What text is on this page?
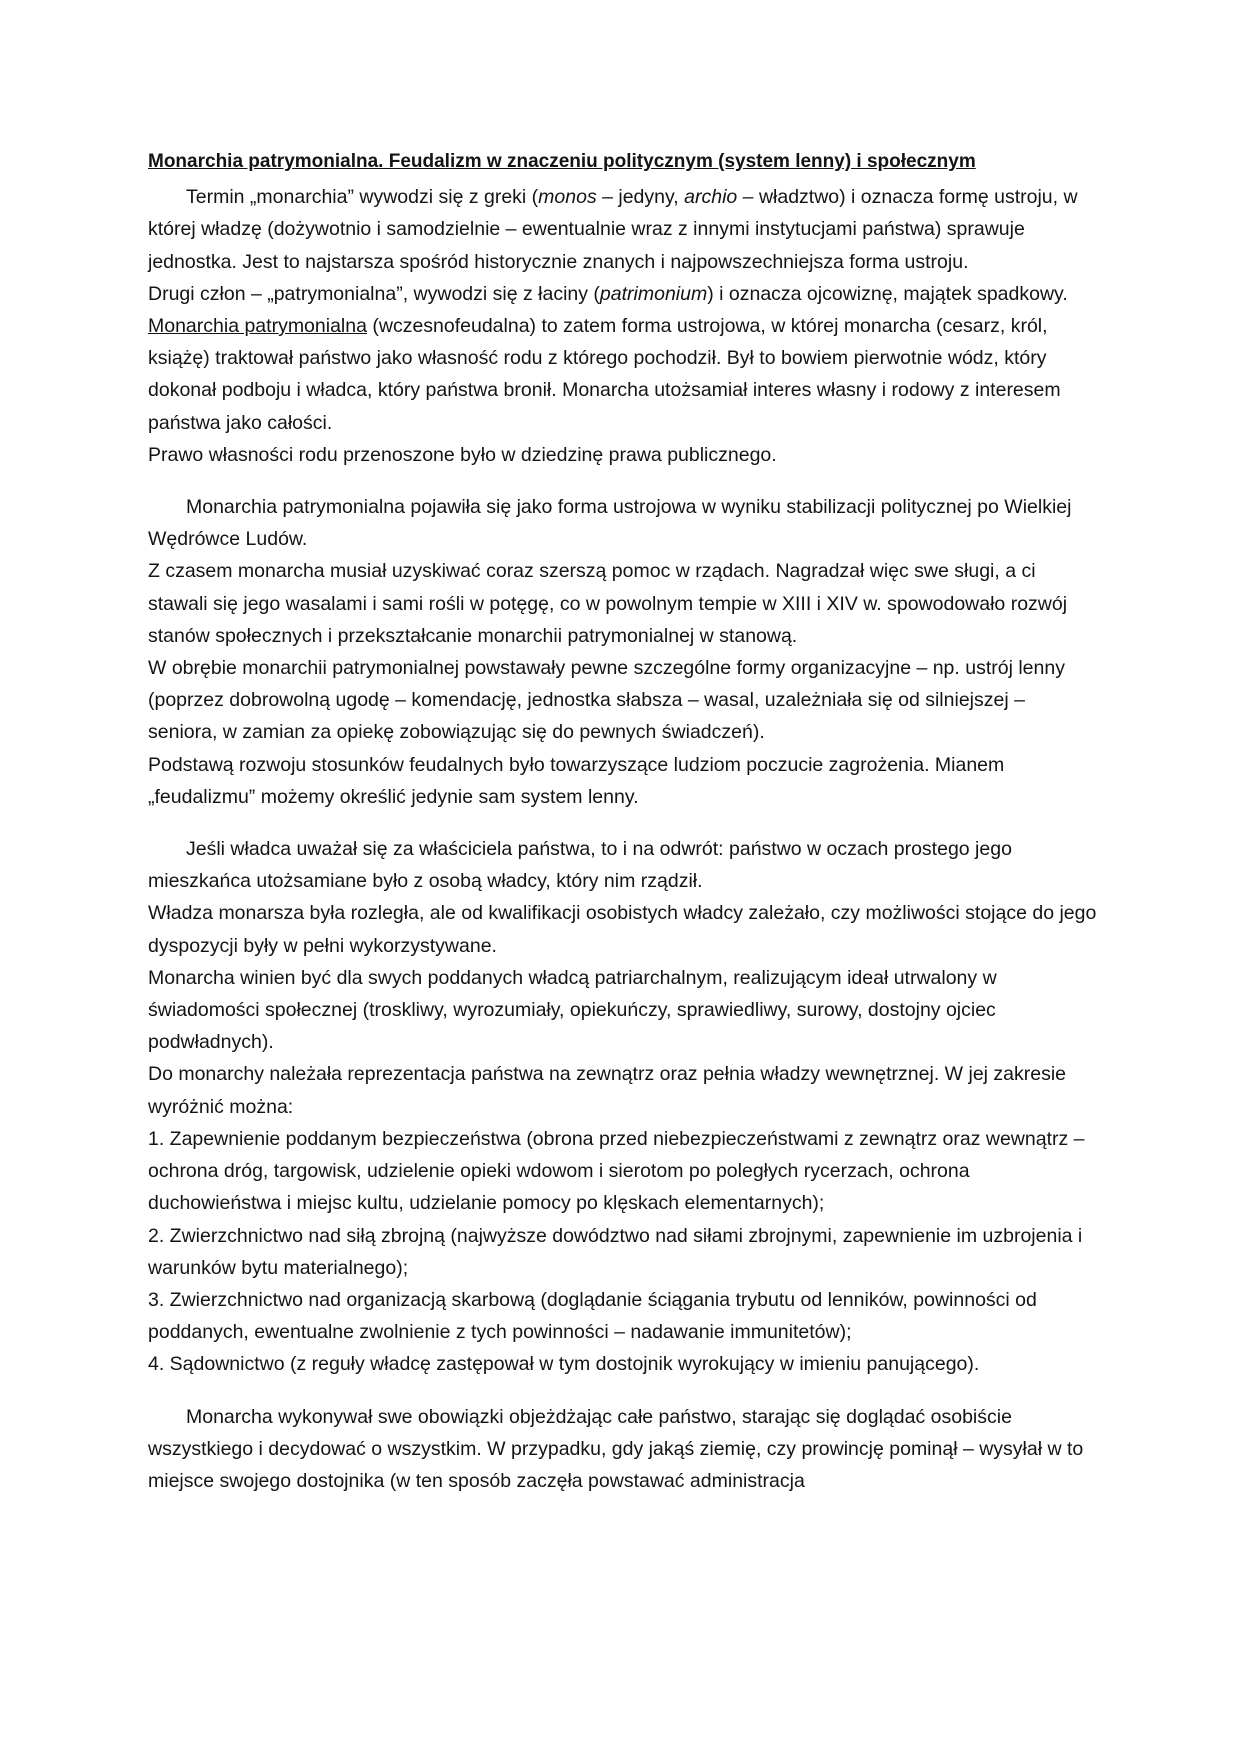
Monarchia patrymonialna. Feudalizm w znaczeniu politycznym (system lenny) i społecznym

Termin „monarchia” wywodzi się z greki (monos – jedyny, archio – władztwo) i oznacza formę ustroju, w której władzę (dożywotnio i samodzielnie – ewentualnie wraz z innymi instytucjami państwa) sprawuje jednostka. Jest to najstarsza spośród historycznie znanych i najpowszechniejsza forma ustroju.

Drugi człon – „patrymonialna”, wywodzi się z łaciny (patrimonium) i oznacza ojcowiznę, majątek spadkowy.

Monarchia patrymonialna (wczesnofeudalna) to zatem forma ustrojowa, w której monarcha (cesarz, król, książę) traktował państwo jako własność rodu z którego pochodził. Był to bowiem pierwotnie wódz, który dokonał podboju i władca, który państwa bronił. Monarcha utożsamiał interes własny i rodowy z interesem państwa jako całości.

Prawo własności rodu przenoszone było w dziedzinę prawa publicznego.

Monarchia patrymonialna pojawiła się jako forma ustrojowa w wyniku stabilizacji politycznej po Wielkiej Wędrówce Ludów.

Z czasem monarcha musiał uzyskiwać coraz szerszą pomoc w rządach. Nagradzał więc swe sługi, a ci stawali się jego wasalami i sami rośli w potęgę, co w powolnym tempie w XIII i XIV w. spowodowało rozwój stanów społecznych i przekształcanie monarchii patrymonialnej w stanową.

W obrębie monarchii patrymonialnej powstawały pewne szczególne formy organizacyjne – np. ustrój lenny (poprzez dobrowolną ugodę – komendację, jednostka słabsza – wasal, uzależniała się od silniejszej – seniora, w zamian za opiekę zobowiązując się do pewnych świadczeń).

Podstawą rozwoju stosunków feudalnych było towarzyszące ludziom poczucie zagrożenia. Mianem „feudalizmu” możemy określić jedynie sam system lenny.

Jeśli władca uważał się za właściciela państwa, to i na odwrót: państwo w oczach prostego jego mieszkańca utożsamiane było z osobą władcy, który nim rządził.

Władza monarsza była rozległa, ale od kwalifikacji osobistych władcy zależało, czy możliwości stojące do jego dyspozycji były w pełni wykorzystywane.

Monarcha winien być dla swych poddanych władcą patriarchalnym, realizującym ideał utrwalony w świadomości społecznej (troskliwy, wyrozumiały, opiekuńczy, sprawiedliwy, surowy, dostojny ojciec podwładnych).

Do monarchy należała reprezentacja państwa na zewnątrz oraz pełnia władzy wewnętrznej. W jej zakresie wyróżnić można:

1. Zapewnienie poddanym bezpieczeństwa (obrona przed niebezpieczeństwami z zewnątrz oraz wewnątrz – ochrona dróg, targowisk, udzielenie opieki wdowom i sierotom po poległych rycerzach, ochrona duchowieństwa i miejsc kultu, udzielanie pomocy po klęskach elementarnych);

2. Zwierzchnictwo nad siłą zbrojną (najwyższe dowództwo nad siłami zbrojnymi, zapewnienie im uzbrojenia i warunków bytu materialnego);

3. Zwierzchnictwo nad organizacją skarbową (doglądanie ściągania trybutu od lenników, powinności od poddanych, ewentualne zwolnienie z tych powinności – nadawanie immunitetów);

4. Sądownictwo (z reguły władcę zastępował w tym dostojnik wyrokujący w imieniu panującego).

Monarcha wykonywał swe obowiązki objeżdżając całe państwo, starając się doglądać osobiście wszystkiego i decydować o wszystkim. W przypadku, gdy jakąś ziemię, czy prowincję pominął – wysyłał w to miejsce swojego dostojnika (w ten sposób zaczęła powstawać administracja
